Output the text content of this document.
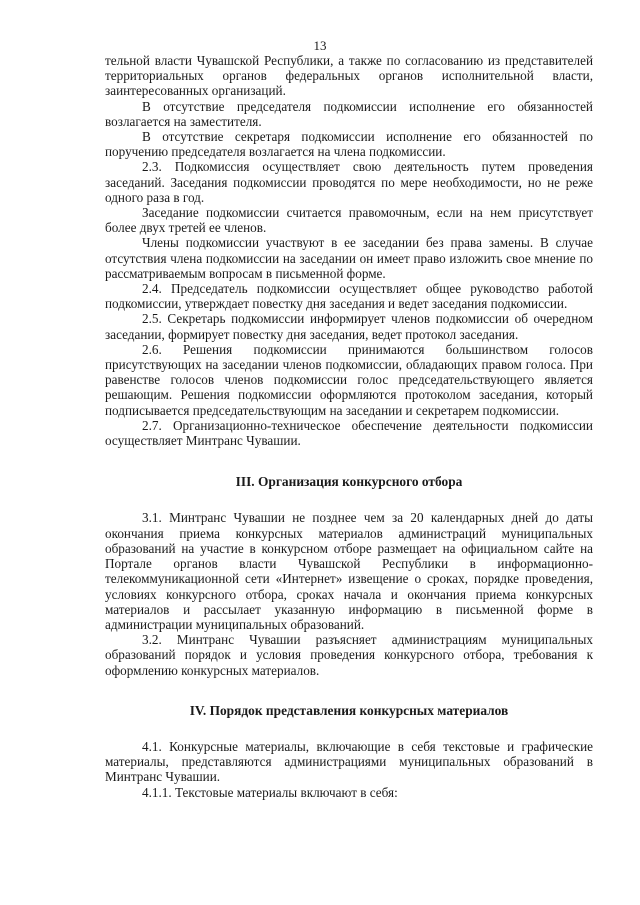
13

тельной власти Чувашской Республики, а также по согласованию из представителей территориальных органов федеральных органов исполнительной власти, заинтересованных организаций.

В отсутствие председателя подкомиссии исполнение его обязанностей возлагается на заместителя.

В отсутствие секретаря подкомиссии исполнение его обязанностей по поручению председателя возлагается на члена подкомиссии.

2.3. Подкомиссия осуществляет свою деятельность путем проведения заседаний. Заседания подкомиссии проводятся по мере необходимости, но не реже одного раза в год.

Заседание подкомиссии считается правомочным, если на нем присутствует более двух третей ее членов.

Члены подкомиссии участвуют в ее заседании без права замены. В случае отсутствия члена подкомиссии на заседании он имеет право изложить свое мнение по рассматриваемым вопросам в письменной форме.

2.4. Председатель подкомиссии осуществляет общее руководство работой подкомиссии, утверждает повестку дня заседания и ведет заседания подкомиссии.

2.5. Секретарь подкомиссии информирует членов подкомиссии об очередном заседании, формирует повестку дня заседания, ведет протокол заседания.

2.6. Решения подкомиссии принимаются большинством голосов присутствующих на заседании членов подкомиссии, обладающих правом голоса. При равенстве голосов членов подкомиссии голос председательствующего является решающим. Решения подкомиссии оформляются протоколом заседания, который подписывается председательствующим на заседании и секретарем подкомиссии.

2.7. Организационно-техническое обеспечение деятельности подкомиссии осуществляет Минтранс Чувашии.

III. Организация конкурсного отбора

3.1. Минтранс Чувашии не позднее чем за 20 календарных дней до даты окончания приема конкурсных материалов администраций муниципальных образований на участие в конкурсном отборе размещает на официальном сайте на Портале органов власти Чувашской Республики в информационно-телекоммуникационной сети «Интернет» извещение о сроках, порядке проведения, условиях конкурсного отбора, сроках начала и окончания приема конкурсных материалов и рассылает указанную информацию в письменной форме в администрации муниципальных образований.

3.2. Минтранс Чувашии разъясняет администрациям муниципальных образований порядок и условия проведения конкурсного отбора, требования к оформлению конкурсных материалов.

IV. Порядок представления конкурсных материалов

4.1. Конкурсные материалы, включающие в себя текстовые и графические материалы, представляются администрациями муниципальных образований в Минтранс Чувашии.

4.1.1. Текстовые материалы включают в себя:
